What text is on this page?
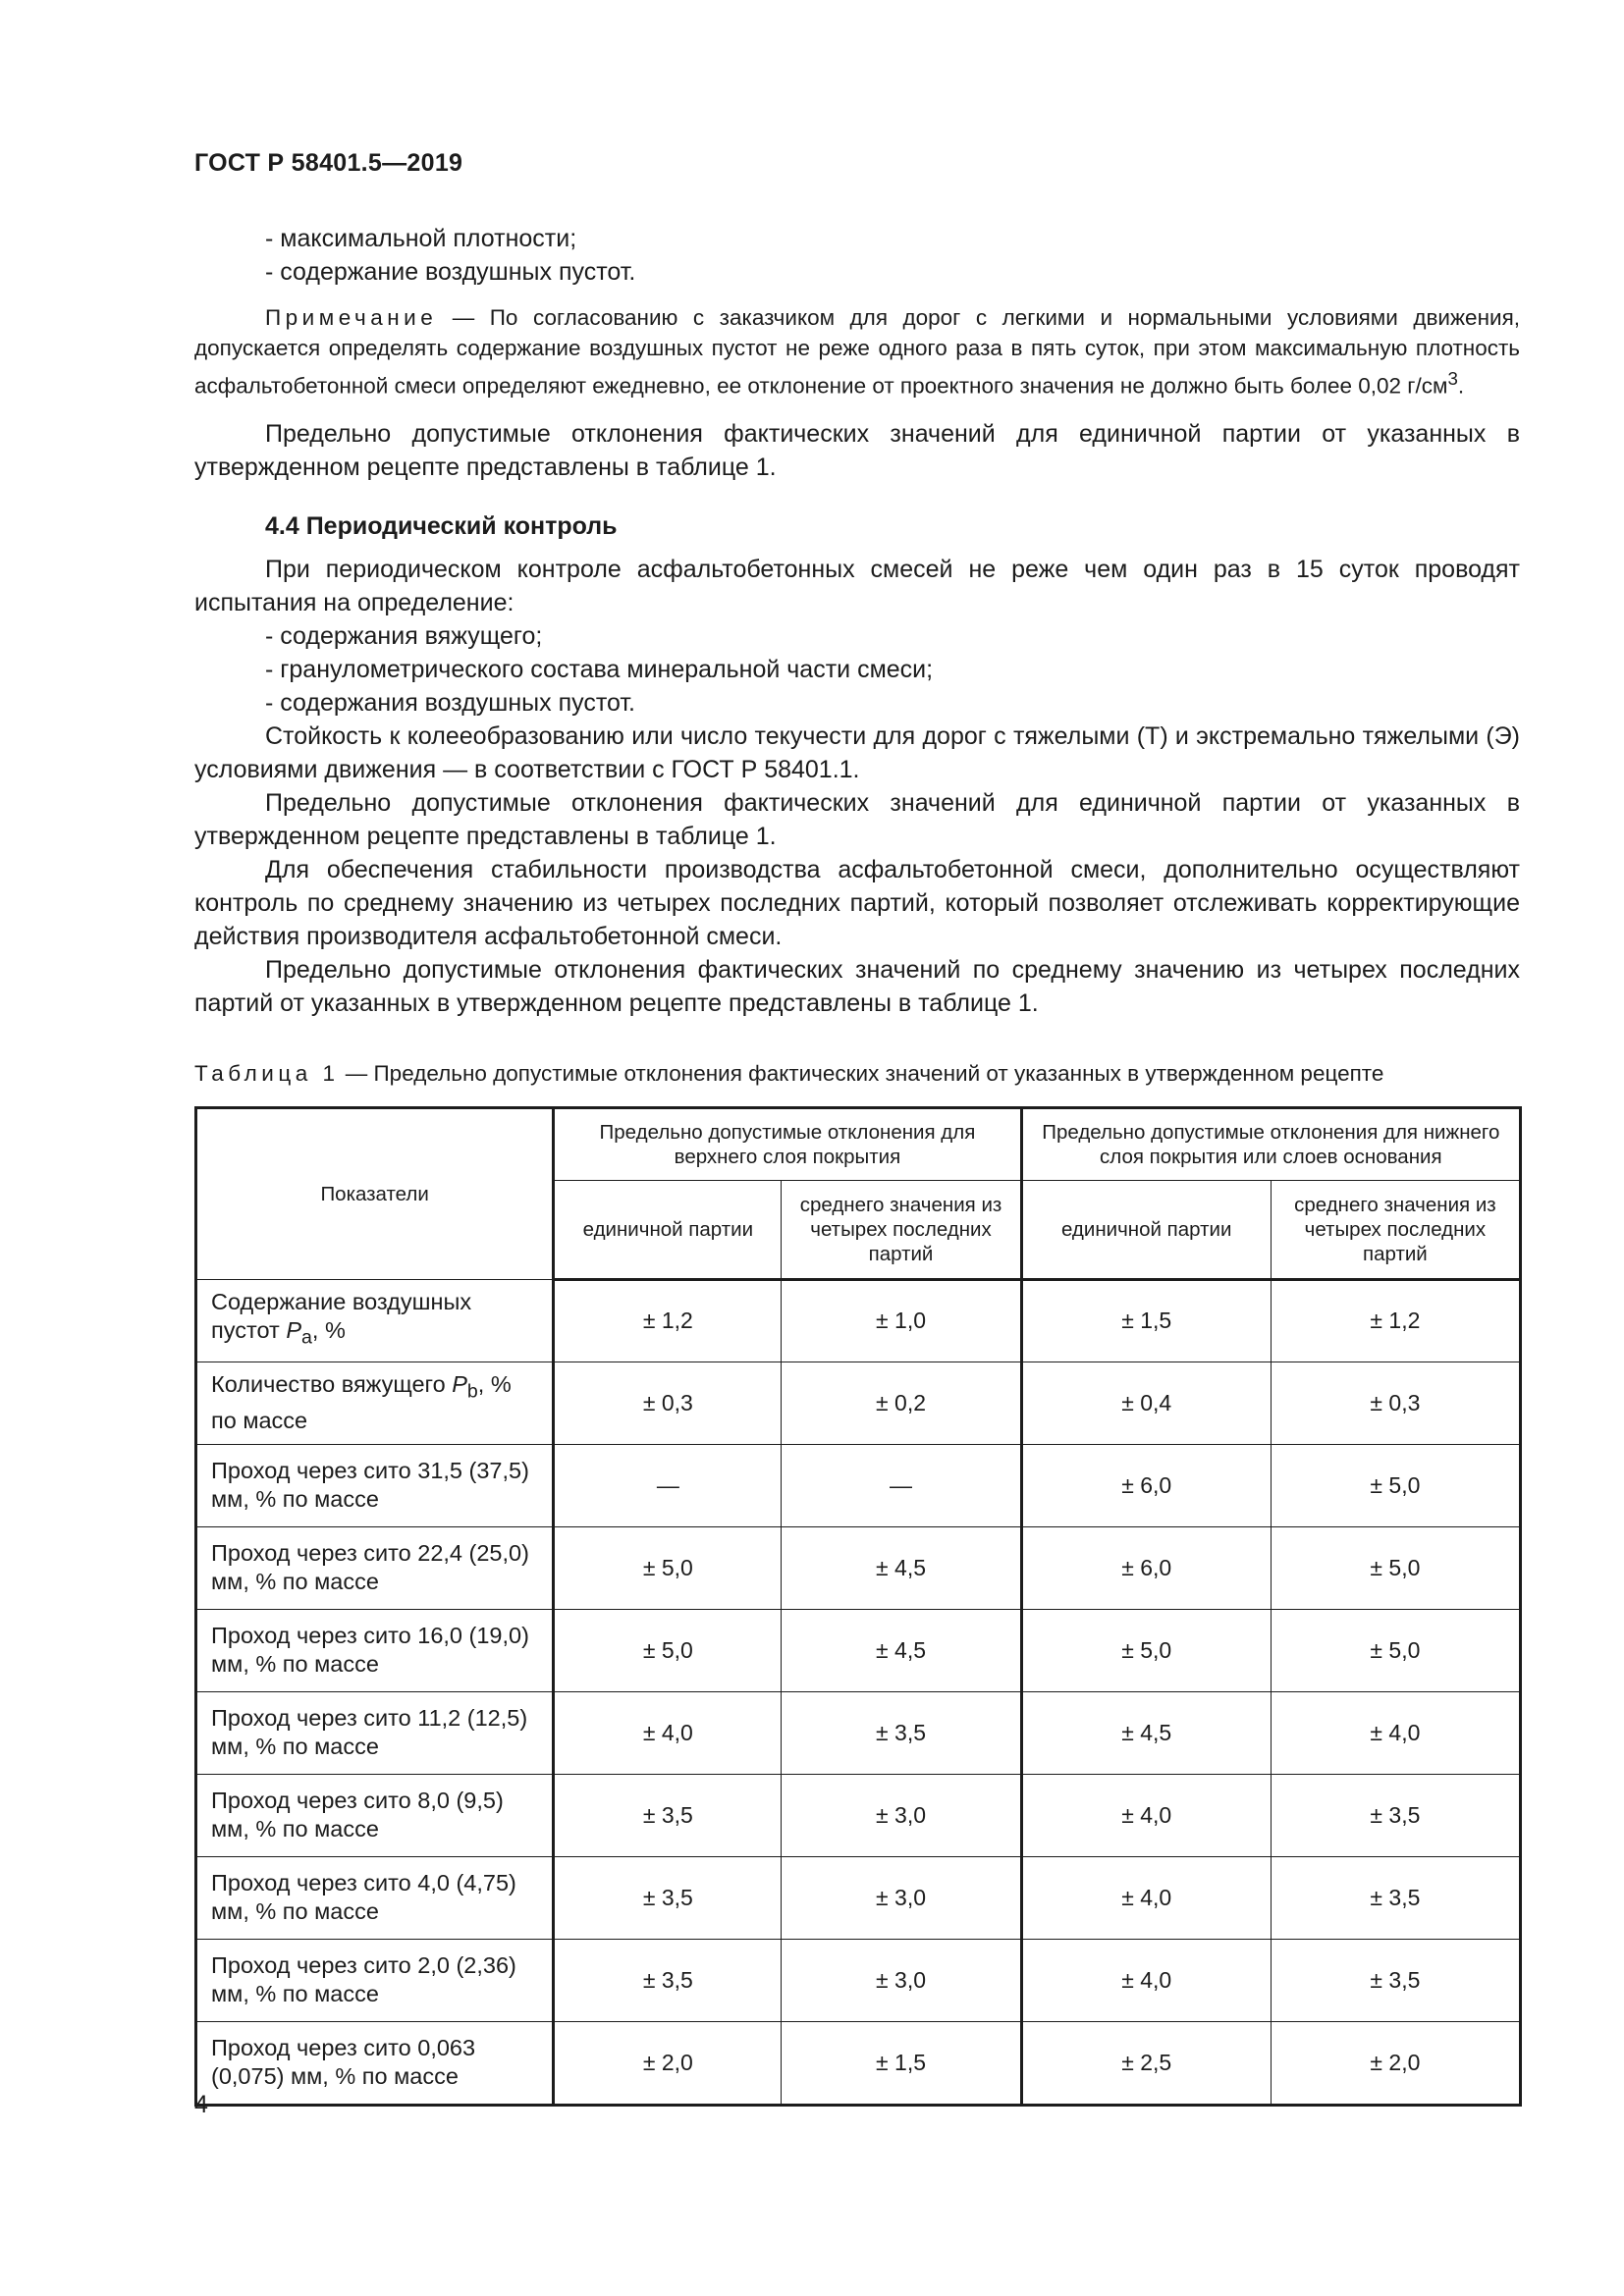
ГОСТ Р 58401.5—2019

- максимальной плотности;

- содержание воздушных пустот.

Примечание — По согласованию с заказчиком для дорог с легкими и нормальными условиями движения, допускается определять содержание воздушных пустот не реже одного раза в пять суток, при этом максимальную плотность асфальтобетонной смеси определяют ежедневно, ее отклонение от проектного значения не должно быть более 0,02 $г/см^3$.

Предельно допустимые отклонения фактических значений для единичной партии от указанных в утвержденном рецепте представлены в таблице 1.

4.4 Периодический контроль

При периодическом контроле асфальтобетонных смесей не реже чем один раз в 15 суток проводят испытания на определение:

- содержания вяжущего;

- гранулометрического состава минеральной части смеси;

- содержания воздушных пустот.

Стойкость к колееобразованию или число текучести для дорог с тяжелыми (Т) и экстремально тяжелыми (Э) условиями движения — в соответствии с ГОСТ Р 58401.1.

Предельно допустимые отклонения фактических значений для единичной партии от указанных в утвержденном рецепте представлены в таблице 1.

Для обеспечения стабильности производства асфальтобетонной смеси, дополнительно осуществляют контроль по среднему значению из четырех последних партий, который позволяет отслеживать корректирующие действия производителя асфальтобетонной смеси.

Предельно допустимые отклонения фактических значений по среднему значению из четырех последних партий от указанных в утвержденном рецепте представлены в таблице 1.

Таблица 1 — Предельно допустимые отклонения фактических значений от указанных в утвержденном рецепте
Показатели	Предельно допустимые отклонения для верхнего слоя покрытия		Предельно допустимые отклонения для нижнего слоя покрытия или слоев основания	
	единичной партии	среднего значения из четырех последних партий	единичной партии	среднего значения из четырех последних партий
Содержание воздушных пустот $P_a$, %	± 1,2	± 1,0	± 1,5	± 1,2
Количество вяжущего $P_b$, % по массе	± 0,3	± 0,2	± 0,4	± 0,3
Проход через сито 31,5 (37,5) мм, % по массе	—	—	± 6,0	± 5,0
Проход через сито 22,4 (25,0) мм, % по массе	± 5,0	± 4,5	± 6,0	± 5,0
Проход через сито 16,0 (19,0) мм, % по массе	± 5,0	± 4,5	± 5,0	± 5,0
Проход через сито 11,2 (12,5) мм, % по массе	± 4,0	± 3,5	± 4,5	± 4,0
Проход через сито 8,0 (9,5) мм, % по массе	± 3,5	± 3,0	± 4,0	± 3,5
Проход через сито 4,0 (4,75) мм, % по массе	± 3,5	± 3,0	± 4,0	± 3,5
Проход через сито 2,0 (2,36) мм, % по массе	± 3,5	± 3,0	± 4,0	± 3,5
Проход через сито 0,063 (0,075) мм, % по массе	± 2,0	± 1,5	± 2,5	± 2,0
4
